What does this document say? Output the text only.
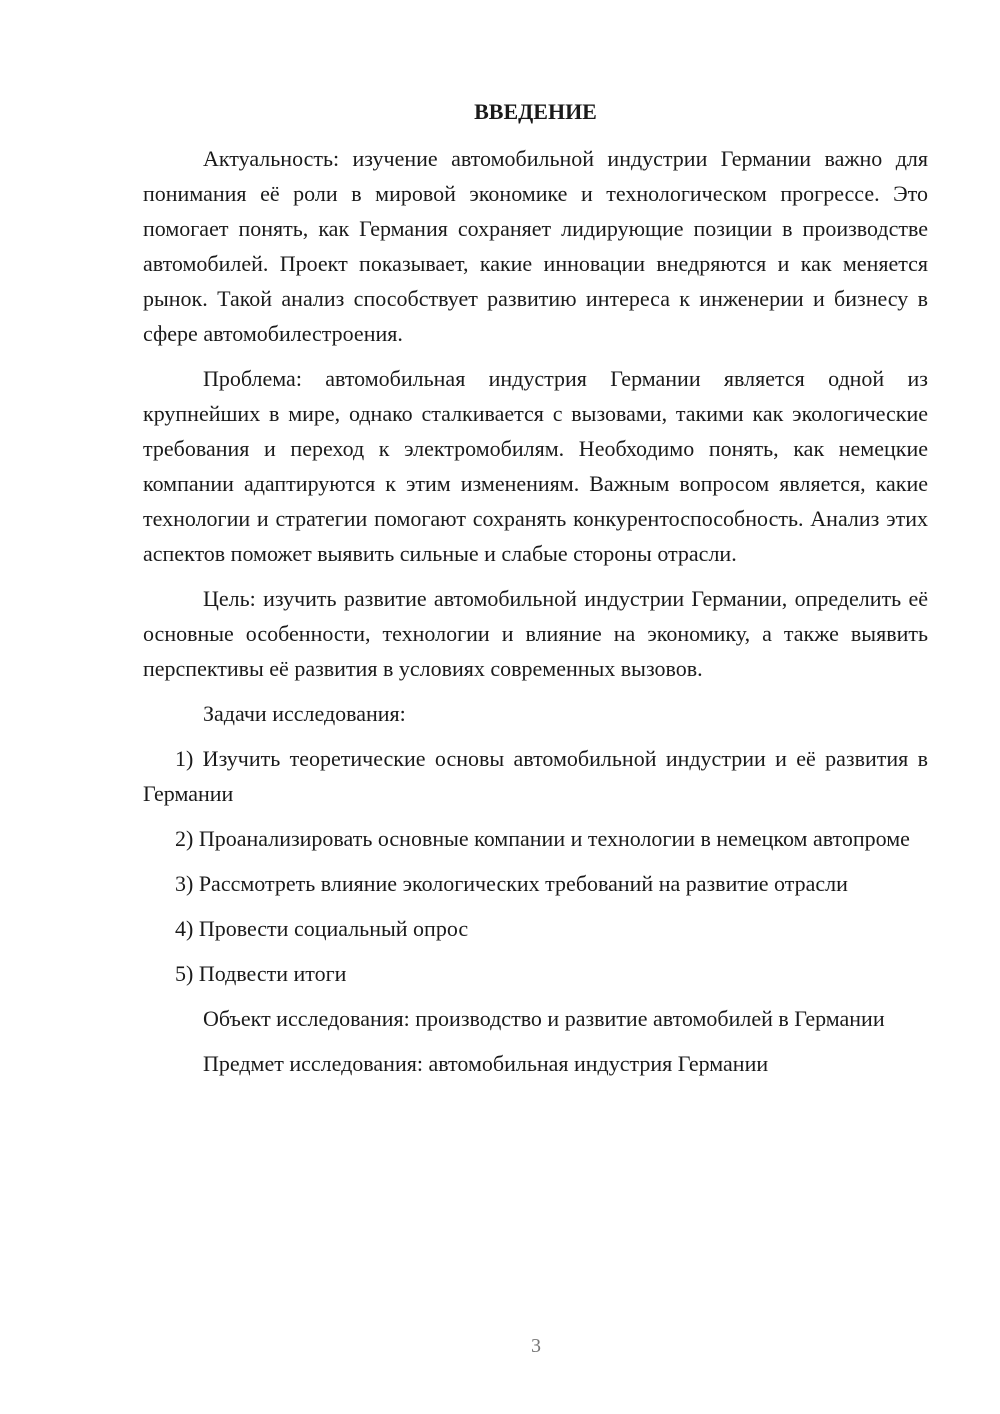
ВВЕДЕНИЕ

Актуальность: изучение автомобильной индустрии Германии важно для понимания её роли в мировой экономике и технологическом прогрессе. Это помогает понять, как Германия сохраняет лидирующие позиции в производстве автомобилей. Проект показывает, какие инновации внедряются и как меняется рынок. Такой анализ способствует развитию интереса к инженерии и бизнесу в сфере автомобилестроения.

Проблема: автомобильная индустрия Германии является одной из крупнейших в мире, однако сталкивается с вызовами, такими как экологические требования и переход к электромобилям. Необходимо понять, как немецкие компании адаптируются к этим изменениям. Важным вопросом является, какие технологии и стратегии помогают сохранять конкурентоспособность. Анализ этих аспектов поможет выявить сильные и слабые стороны отрасли.

Цель: изучить развитие автомобильной индустрии Германии, определить её основные особенности, технологии и влияние на экономику, а также выявить перспективы её развития в условиях современных вызовов.

Задачи исследования:

1) Изучить теоретические основы автомобильной индустрии и её развития в Германии

2) Проанализировать основные компании и технологии в немецком автопроме

3) Рассмотреть влияние экологических требований на развитие отрасли

4) Провести социальный опрос

5) Подвести итоги

Объект исследования: производство и развитие автомобилей в Германии

Предмет исследования: автомобильная индустрия Германии

3
